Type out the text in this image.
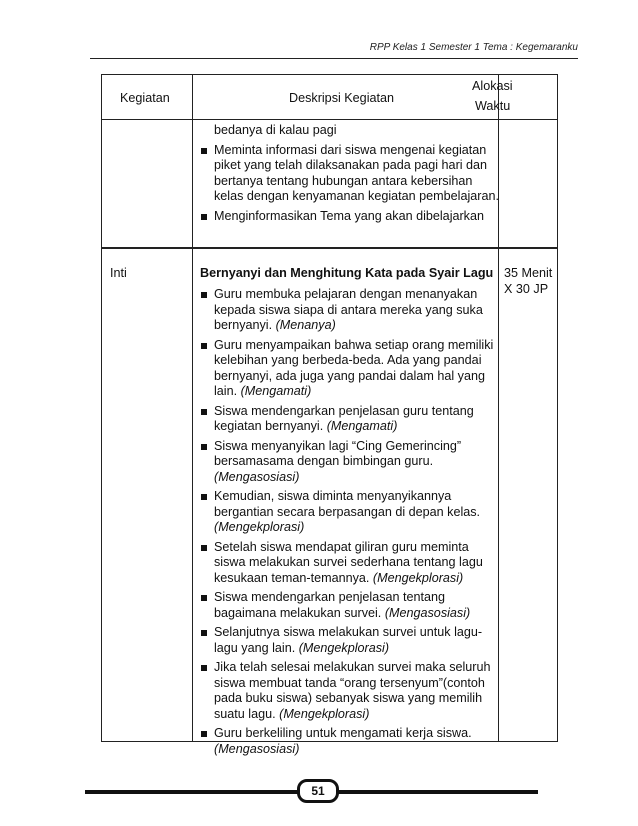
RPP Kelas 1 Semester 1 Tema : Kegemaranku
Kegiatan	Deskripsi Kegiatan
Alokasi
Waktu
bedanya di kalau pagi
Meminta informasi dari siswa mengenai kegiatan piket yang telah dilaksanakan pada pagi hari dan bertanya tentang hubungan antara kebersihan kelas dengan kenyamanan kegiatan pembelajaran.
Menginformasikan Tema yang akan dibelajarkan
Inti	Bernyanyi dan Menghitung Kata pada Syair Lagu 35 Menit X 30 JP
Guru membuka pelajaran dengan menanyakan kepada siswa siapa di antara mereka yang suka bernyanyi. (Menanya)
Guru menyampaikan bahwa setiap orang memiliki kelebihan yang berbeda-beda. Ada yang pandai bernyanyi, ada juga yang pandai dalam hal yang lain. (Mengamati)
Siswa mendengarkan penjelasan guru tentang kegiatan bernyanyi. (Mengamati)
Siswa menyanyikan lagi “Cing Gemerincing” bersamasama dengan bimbingan guru. (Mengasosiasi)
Kemudian, siswa diminta menyanyikannya bergantian secara berpasangan di depan kelas. (Mengekplorasi)
Setelah siswa mendapat giliran guru meminta siswa melakukan survei sederhana tentang lagu kesukaan teman-temannya. (Mengekplorasi)
Siswa mendengarkan penjelasan tentang bagaimana melakukan survei. (Mengasosiasi)
Selanjutnya siswa melakukan survei untuk lagu-lagu yang lain. (Mengekplorasi)
Jika telah selesai melakukan survei maka seluruh siswa membuat tanda “orang tersenyum”(contoh pada buku siswa) sebanyak siswa yang memilih suatu lagu. (Mengekplorasi)
Guru berkeliling untuk mengamati kerja siswa. (Mengasosiasi)
51
